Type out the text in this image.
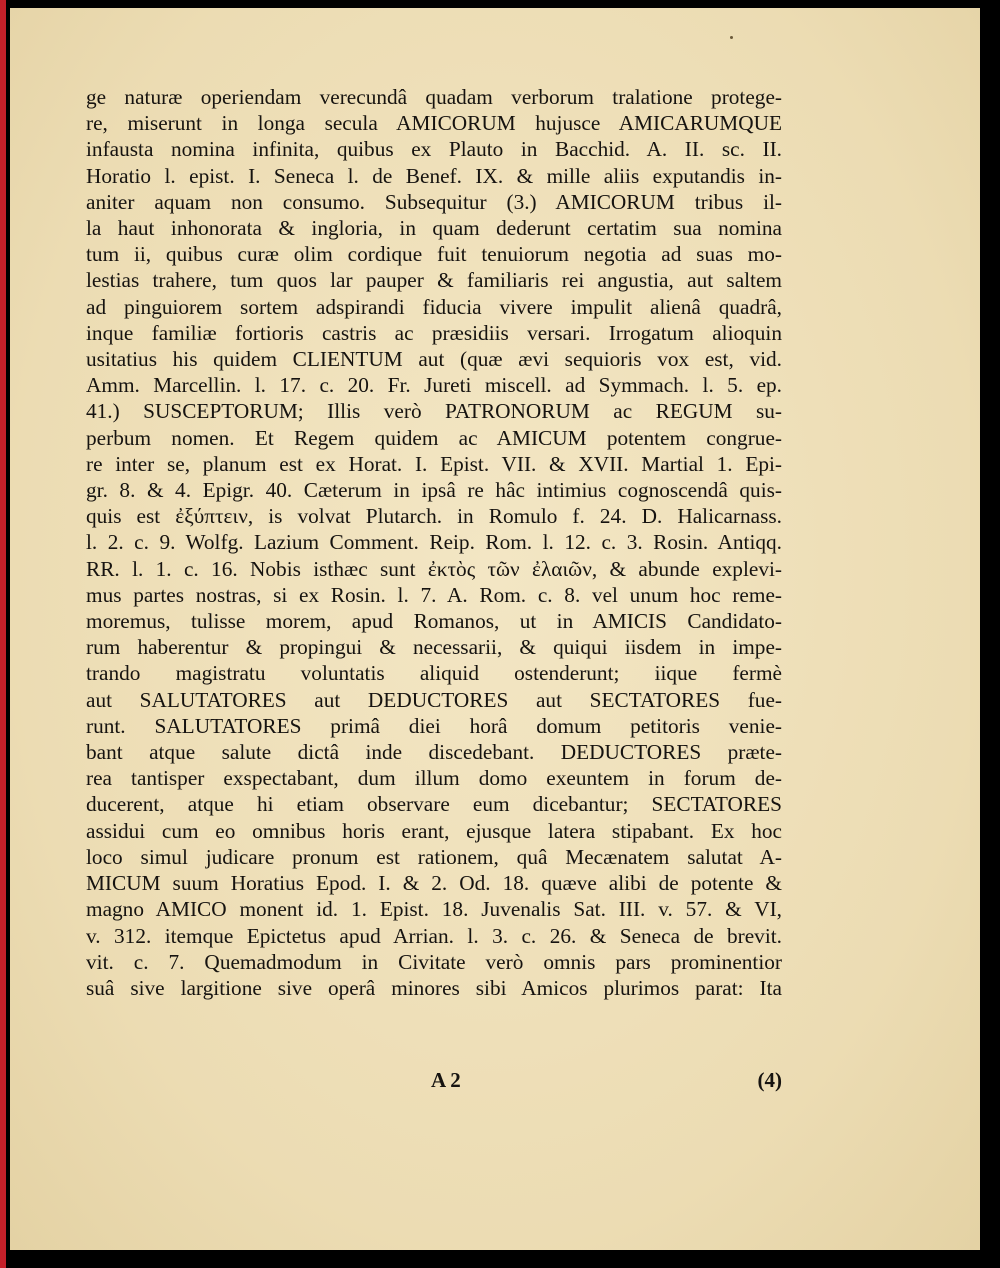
ge naturæ operiendam verecundâ quadam verborum tralatione protege-
re, miserunt in longa secula AMICORUM hujusce AMICARUMQUE
infausta nomina infinita, quibus ex Plauto in Bacchid. A. II. sc. II.
Horatio l. epist. I. Seneca l. de Benef. IX. & mille aliis exputandis in-
aniter aquam non consumo. Subsequitur (3.) AMICORUM tribus il-
la haut inhonorata & ingloria, in quam dederunt certatim sua nomina
tum ii, quibus curæ olim cordique fuit tenuiorum negotia ad suas mo-
lestias trahere, tum quos lar pauper & familiaris rei angustia, aut saltem
ad pinguiorem sortem adspirandi fiducia vivere impulit alienâ quadrâ,
inque familiæ fortioris castris ac præsidiis versari. Irrogatum alioquin
usitatius his quidem CLIENTUM aut (quæ ævi sequioris vox est, vid.
Amm. Marcellin. l. 17. c. 20. Fr. Jureti miscell. ad Symmach. l. 5. ep.
41.) SUSCEPTORUM; Illis verò PATRONORUM ac REGUM su-
perbum nomen. Et Regem quidem ac AMICUM potentem congrue-
re inter se, planum est ex Horat. I. Epist. VII. & XVII. Martial 1. Epi-
gr. 8. & 4. Epigr. 40. Cæterum in ipsâ re hâc intimius cognoscendâ quis-
quis est ἐξύπτειν, is volvat Plutarch. in Romulo f. 24. D. Halicarnass.
l. 2. c. 9. Wolfg. Lazium Comment. Reip. Rom. l. 12. c. 3. Rosin. Antiqq.
RR. l. 1. c. 16. Nobis isthæc sunt ἐκτὸς τῶν ἐλαιῶν, & abunde explevi-
mus partes nostras, si ex Rosin. l. 7. A. Rom. c. 8. vel unum hoc reme-
moremus, tulisse morem, apud Romanos, ut in AMICIS Candidato-
rum haberentur & propingui & necessarii, & quiqui iisdem in impe-
trando magistratu voluntatis aliquid ostenderunt; iique fermè
aut SALUTATORES aut DEDUCTORES aut SECTATORES fue-
runt. SALUTATORES primâ diei horâ domum petitoris venie-
bant atque salute dictâ inde discedebant. DEDUCTORES præte-
rea tantisper exspectabant, dum illum domo exeuntem in forum de-
ducerent, atque hi etiam observare eum dicebantur; SECTATORES
assidui cum eo omnibus horis erant, ejusque latera stipabant. Ex hoc
loco simul judicare pronum est rationem, quâ Mecænatem salutat A-
MICUM suum Horatius Epod. I. & 2. Od. 18. quævе alibi de potente &
magno AMICO monent id. 1. Epist. 18. Juvenalis Sat. III. v. 57. & VI,
v. 312. itemque Epictetus apud Arrian. l. 3. c. 26. & Seneca de brevit.
vit. c. 7. Quemadmodum in Civitate verò omnis pars prominentior
suâ sive largitione sive operâ minores sibi Amicos plurimos parat: Ita
A 2	(4)
